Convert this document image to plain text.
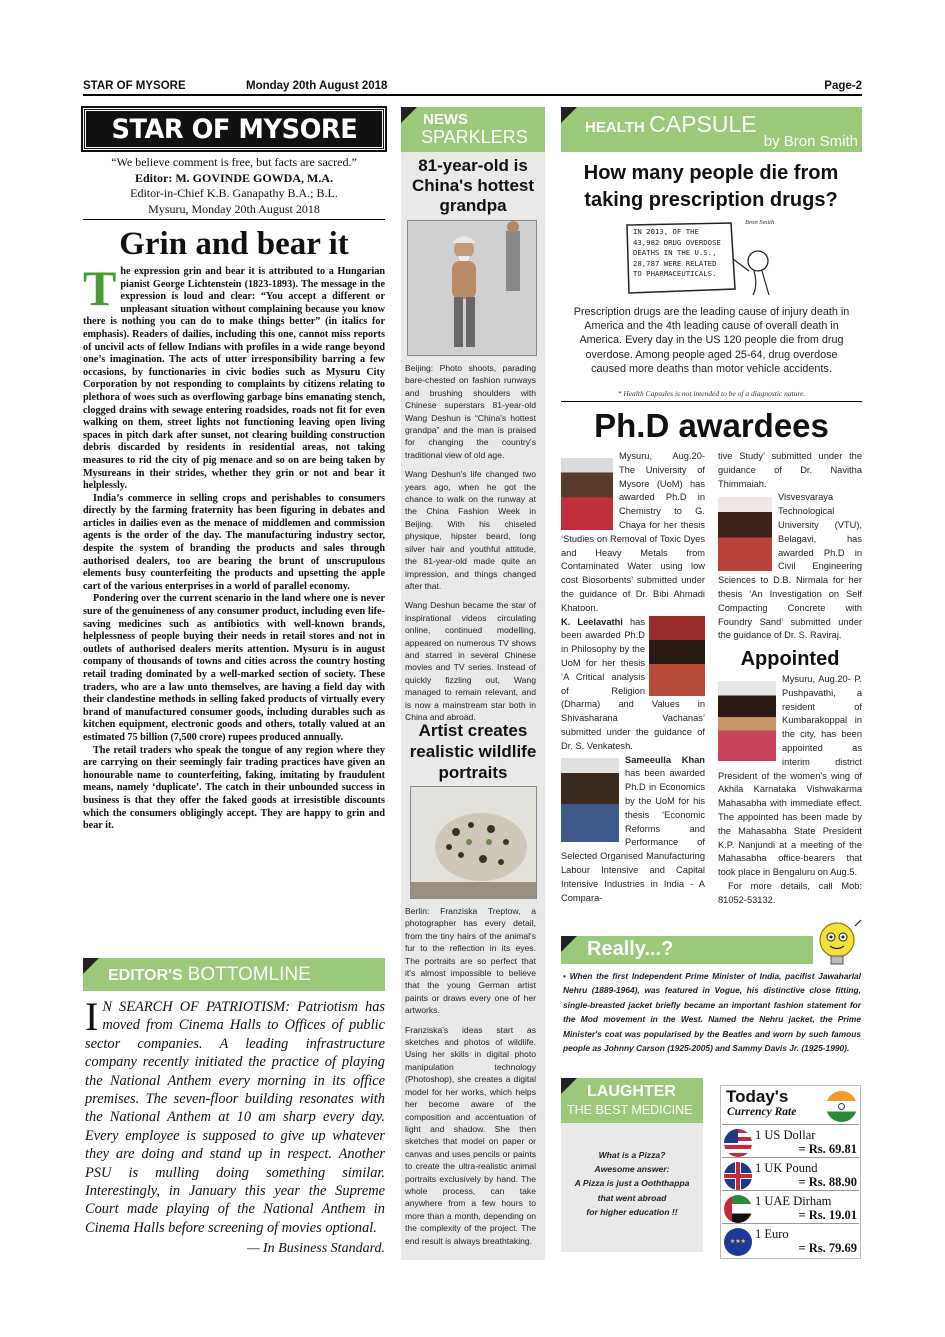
STAR OF MYSORE	Monday 20th August 2018	Page-2
STAR OF MYSORE
“We believe comment is free, but facts are sacred.”
Editor: M. GOVINDE GOWDA, M.A.
Editor-in-Chief K.B. Ganapathy B.A.; B.L.
Mysuru, Monday 20th August 2018
Grin and bear it
T he expression grin and bear it is attributed to a Hungarian pianist George Lichtenstein (1823-1893). The message in the expression is loud and clear: “You accept a different or unpleasant situation without complaining because you know there is nothing you can do to make things better” (in italics for emphasis). Readers of dailies, including this one, cannot miss reports of uncivil acts of fellow Indians with profiles in a wide range beyond one’s imagination. The acts of utter irresponsibility barring a few occasions, by functionaries in civic bodies such as Mysuru City Corporation by not responding to complaints by citizens relating to plethora of woes such as overflowing garbage bins emanating stench, clogged drains with sewage entering roadsides, roads not fit for even walking on them, street lights not functioning leaving open living spaces in pitch dark after sunset, not clearing building construction debris discarded by residents in residential areas, not taking measures to rid the city of pig menace and so on are being taken by Mysureans in their strides, whether they grin or not and bear it helplessly.

India’s commerce in selling crops and perishables to consumers directly by the farming fraternity has been figuring in debates and articles in dailies even as the menace of middlemen and commission agents is the order of the day. The manufacturing industry sector, despite the system of branding the products and sales through authorised dealers, too are bearing the brunt of unscrupulous elements busy counterfeiting the products and upsetting the apple cart of the various enterprises in a world of parallel economy.

Pondering over the current scenario in the land where one is never sure of the genuineness of any consumer product, including even life-saving medicines such as antibiotics with well-known brands, helplessness of people buying their needs in retail stores and not in outlets of authorised dealers merits attention. Mysuru is in august company of thousands of towns and cities across the country hosting retail trading dominated by a well-marked section of society. These traders, who are a law unto themselves, are having a field day with their clandestine methods in selling faked products of virtually every brand of manufactured consumer goods, including durables such as kitchen equipment, electronic goods and others, totally valued at an estimated 75 billion (7,500 crore) rupees produced annually.

The retail traders who speak the tongue of any region where they are carrying on their seemingly fair trading practices have given an honourable name to counterfeiting, faking, imitating by fraudulent means, namely ‘duplicate’. The catch in their unbounded success in business is that they offer the faked goods at irresistible discounts which the consumers obligingly accept. They are happy to grin and bear it.

EDITOR'S BOTTOMLINE
I N SEARCH OF PATRIOTISM: Patriotism has moved from Cinema Halls to Offices of public sector companies. A leading infrastructure company recently initiated the practice of playing the National Anthem every morning in its office premises. The seven-floor building resonates with the National Anthem at 10 am sharp every day. Every employee is supposed to give up whatever they are doing and stand up in respect. Another PSU is mulling doing something similar. Interestingly, in January this year the Supreme Court made playing of the National Anthem in Cinema Halls before screening of movies optional.
— In Business Standard.
NEWS
SPARKLERS
81-year-old is China's hottest grandpa

Beijing: Photo shoots, parading bare-chested on fashion runways and brushing shoulders with Chinese superstars 81-year-old Wang Deshun is “China's hottest grandpa” and the man is praised for changing the country's traditional view of old age.

Wang Deshun's life changed two years ago, when he got the chance to walk on the runway at the China Fashion Week in Beijing. With his chiseled physique, hipster beard, long silver hair and youthful attitude, the 81-year-old made quite an impression, and things changed after that.

Wang Deshun became the star of inspirational videos circulating online, continued modelling, appeared on numerous TV shows and starred in several Chinese movies and TV series. Instead of quickly fizzling out, Wang managed to remain relevant, and is now a mainstream star both in China and abroad.

Artist creates realistic wildlife portraits

Berlin: Franziska Treptow, a photographer has every detail, from the tiny hairs of the animal's fur to the reflection in its eyes. The portraits are so perfect that it's almost impossible to believe that the young German artist paints or draws every one of her artworks.

Franziska's ideas start as sketches and photos of wildlife. Using her skills in digital photo manipulation technology (Photoshop), she creates a digital model for her works, which helps her become aware of the composition and accentuation of light and shadow. She then sketches that model on paper or canvas and uses pencils or paints to create the ultra-realistic animal portraits exclusively by hand. The whole process, can take anywhere from a few hours to more than a month, depending on the complexity of the project. The end result is always breathtaking.

HEALTH CAPSULE
by Bron Smith
How many people die from taking prescription drugs?
IN 2013, OF THE 43,982 DRUG OVERDOSE DEATHS IN THE U.S., 28,787 WERE RELATED TO PHARMACEUTICALS.
Bron Smith
Prescription drugs are the leading cause of injury death in America and the 4th leading cause of overall death in America. Every day in the US 120 people die from drug overdose. Among people aged 25-64, drug overdose caused more deaths than motor vehicle accidents.
* Health Capsules is not intended to be of a diagnostic nature.
Ph.D awardees

Mysuru, Aug.20- The University of Mysore (UoM) has awarded Ph.D in Chemistry to G. Chaya for her thesis ‘Studies on Removal of Toxic Dyes and Heavy Metals from Contaminated Water using low cost Biosorbents’ submitted under the guidance of Dr. Bibi Ahmadi Khatoon.

K. Leelavathi has been awarded Ph.D in Philosophy by the UoM for her thesis ‘A Critical analysis of Religion (Dharma) and Values in Shivasharana Vachanas’ submitted under the guidance of Dr. S. Venkatesh.

Sameeulla Khan has been awarded Ph.D in Economics by the UoM for his thesis ‘Economic Reforms and Performance of Selected Organised Manufacturing Labour Intensive and Capital Intensive Industries in India - A Compara-

tive Study’ submitted under the guidance of Dr. Navitha Thimmaiah.

Visvesvaraya Technological University (VTU), Belagavi, has awarded Ph.D in Civil Engineering Sciences to D.B. Nirmala for her thesis ‘An Investigation on Self Compacting Concrete with Foundry Sand’ submitted under the guidance of Dr. S. Raviraj.

Appointed

Mysuru, Aug.20- P. Pushpavathi, a resident of Kumbarakoppal in the city, has been appointed as interim district President of the women's wing of Akhila Karnataka Vishwakarma Mahasabha with immediate effect. The appointed has been made by the Mahasabha State President K.P. Nanjundi at a meeting of the Mahasabha office-bearers that took place in Bengaluru on Aug.5.

For more details, call Mob: 81052-53132.

Really...?
• When the first Independent Prime Minister of India, pacifist Jawaharlal Nehru (1889-1964), was featured in Vogue, his distinctive close fitting, single-breasted jacket briefly became an important fashion statement for the Mod movement in the West. Named the Nehru jacket, the Prime Minister's coat was popularised by the Beatles and worn by such famous people as Johnny Carson (1925-2005) and Sammy Davis Jr. (1925-1990).
LAUGHTER
THE BEST MEDICINE
What is a Pizza?
Awesome answer:
A Pizza is just a Ooththappa
that went abroad
for higher education !!
Today's
Currency Rate
1 US Dollar
= Rs. 69.81
1 UK Pound
= Rs. 88.90
1 UAE Dirham
= Rs. 19.01
★★★
1 Euro
= Rs. 79.69
